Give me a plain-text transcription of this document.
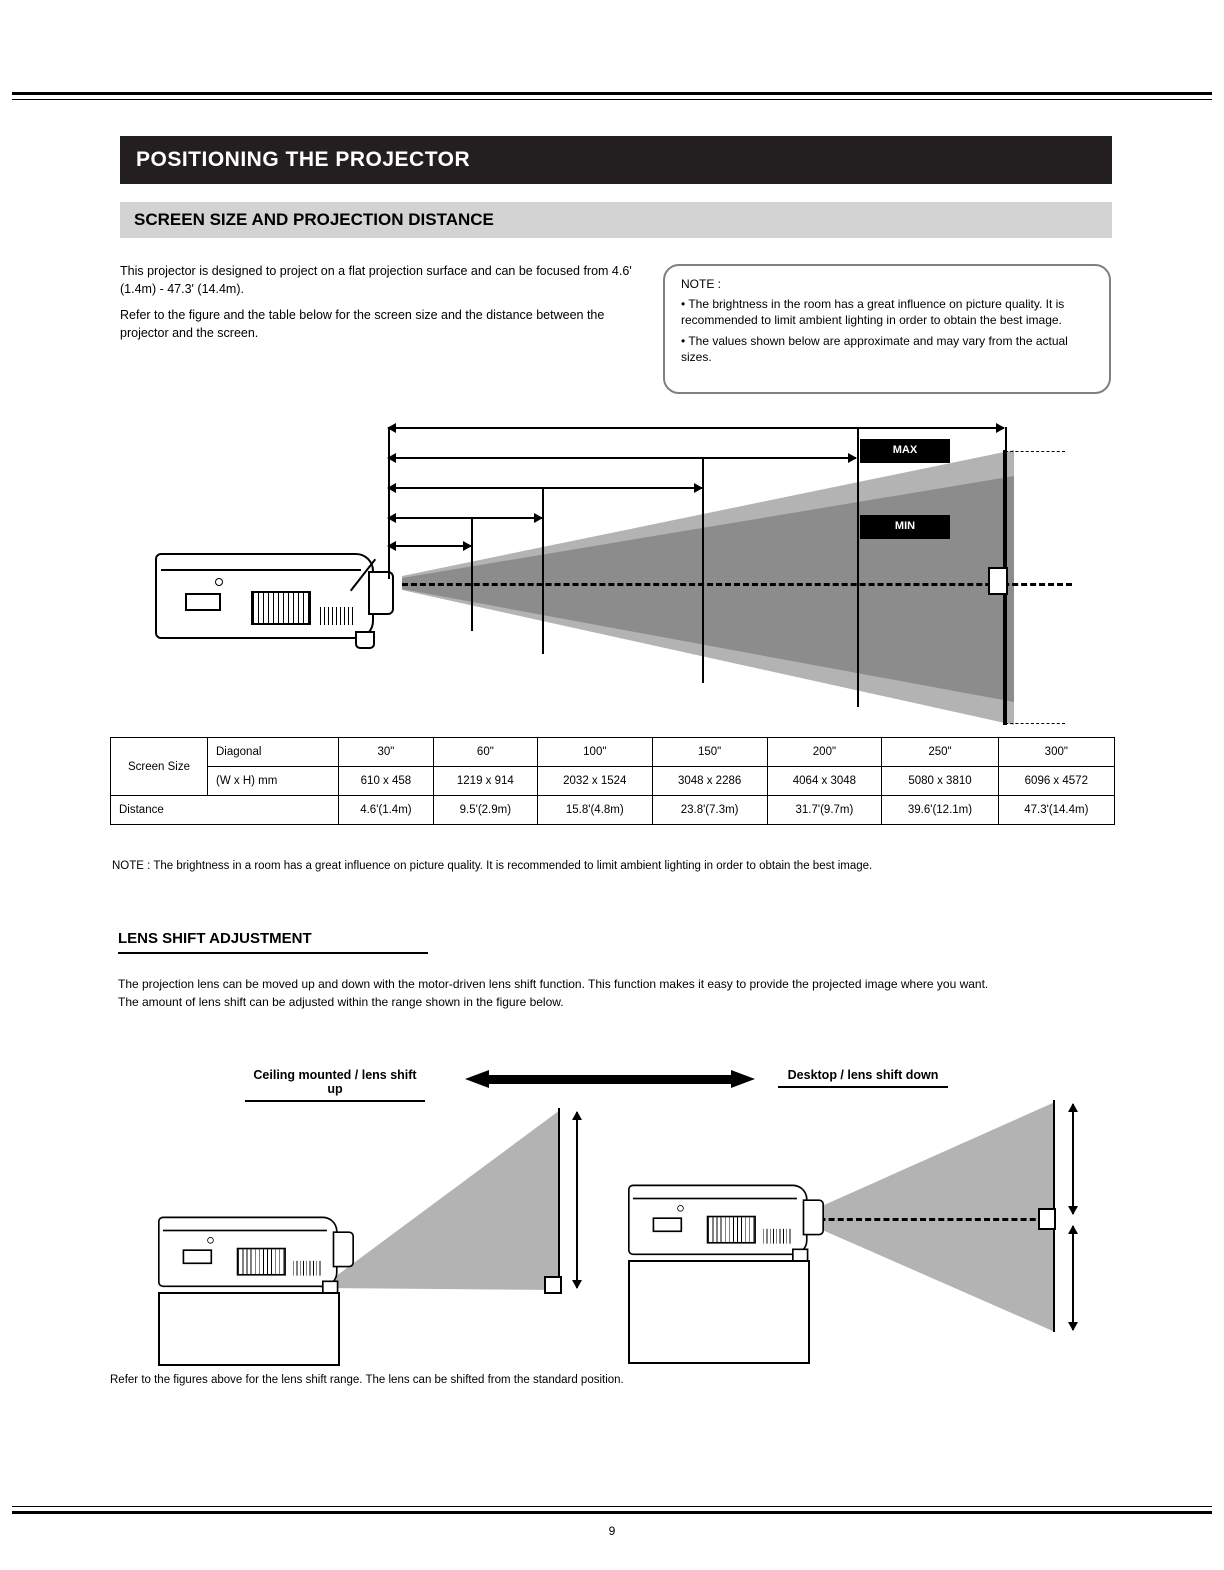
POSITIONING THE PROJECTOR
SCREEN SIZE AND PROJECTION DISTANCE

This projector is designed to project on a flat projection surface and can be focused from 4.6' (1.4m) - 47.3' (14.4m).

Refer to the figure and the table below for the screen size and the distance between the projector and the screen.

NOTE :

• The brightness in the room has a great influence on picture quality. It is recommended to limit ambient lighting in order to obtain the best image.

• The values shown below are approximate and may vary from the actual sizes.

MAX
MIN
Screen Size	Diagonal	30"	60"	100"	150"	200"	250"	300"
	(W x H) mm	610 x 458	1219 x 914	2032 x 1524	3048 x 2286	4064 x 3048	5080 x 3810	6096 x 4572
Distance		4.6'(1.4m)	9.5'(2.9m)	15.8'(4.8m)	23.8'(7.3m)	31.7'(9.7m)	39.6'(12.1m)	47.3'(14.4m)
NOTE : The brightness in a room has a great influence on picture quality. It is recommended to limit ambient lighting in order to obtain the best image.
LENS SHIFT ADJUSTMENT
The projection lens can be moved up and down with the motor-driven lens shift function. This function makes it easy to provide the projected image where you want.
The amount of lens shift can be adjusted within the range shown in the figure below.
Ceiling mounted / lens shift up
Desktop / lens shift down
Refer to the figures above for the lens shift range. The lens can be shifted from the standard position.
9
